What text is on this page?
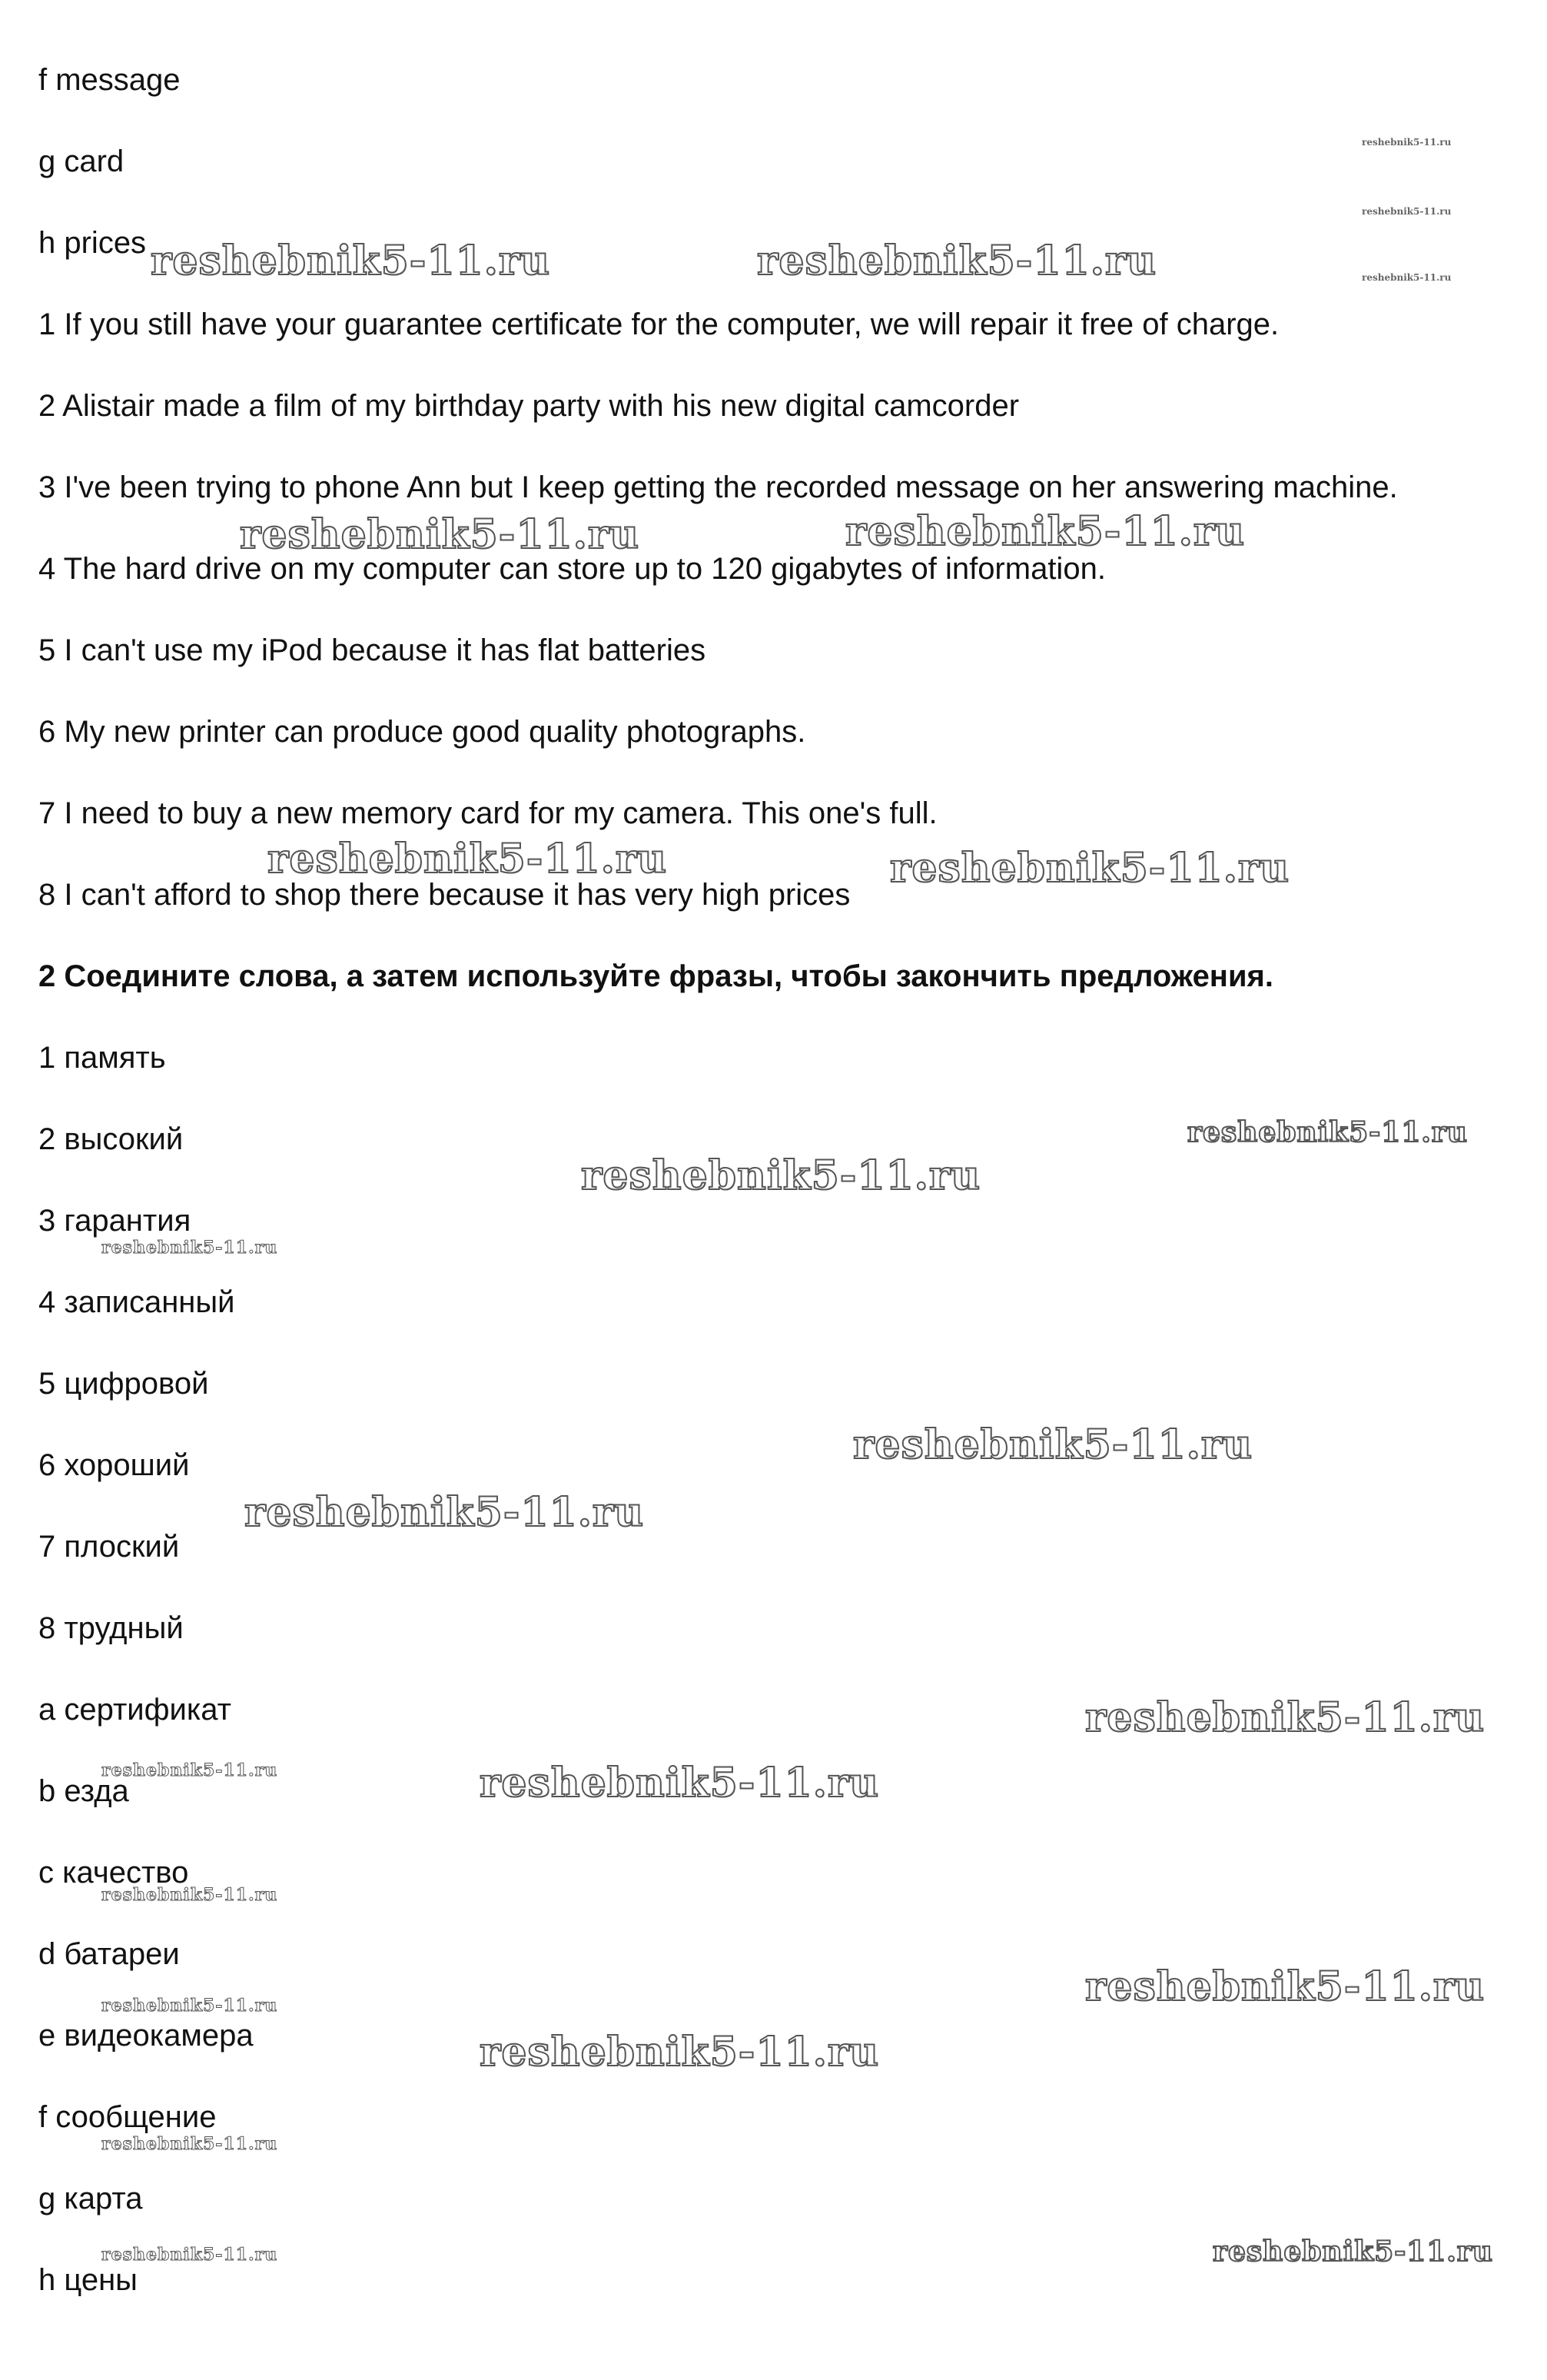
f message

g card

h prices

1 If you still have your guarantee certificate for the computer, we will repair it free of charge.

2 Alistair made a film of my birthday party with his new digital camcorder

3 I've been trying to phone Ann but I keep getting the recorded message on her answering machine.

4 The hard drive on my computer can store up to 120 gigabytes of information.

5 I can't use my iPod because it has flat batteries

6 My new printer can produce good quality photographs.

7 I need to buy a new memory card for my camera. This one's full.

8 I can't afford to shop there because it has very high prices

2 Соедините слова, а затем используйте фразы, чтобы закончить предложения.

1 память

2 высокий

3 гарантия

4 записанный

5 цифровой

6 хороший

7 плоский

8 трудный

a сертификат

b езда

c качество

d батареи

e видеокамера

f сообщение

g карта

h цены

reshebnik5-11.ru
reshebnik5-11.ru
reshebnik5-11.ru
reshebnik5-11.ru	reshebnik5-11.ru
reshebnik5-11.ru	reshebnik5-11.ru
reshebnik5-11.ru	reshebnik5-11.ru
reshebnik5-11.ru
reshebnik5-11.ru
reshebnik5-11.ru
reshebnik5-11.ru
reshebnik5-11.ru
reshebnik5-11.ru
reshebnik5-11.ru	reshebnik5-11.ru
reshebnik5-11.ru
reshebnik5-11.ru
reshebnik5-11.ru
reshebnik5-11.ru
reshebnik5-11.ru
reshebnik5-11.ru	reshebnik5-11.ru
